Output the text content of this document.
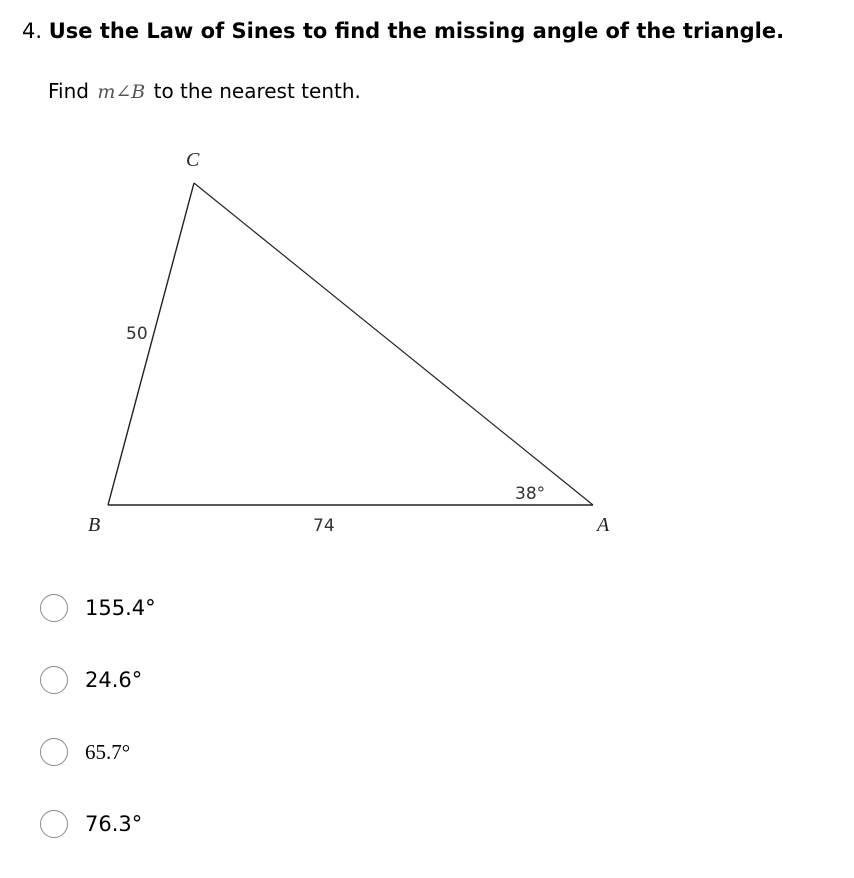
4. Use the Law of Sines to find the missing angle of the triangle.
Find m∠B to the nearest tenth.
C
B	A
50
74
38°
155.4°
24.6°
65.7°
76.3°
